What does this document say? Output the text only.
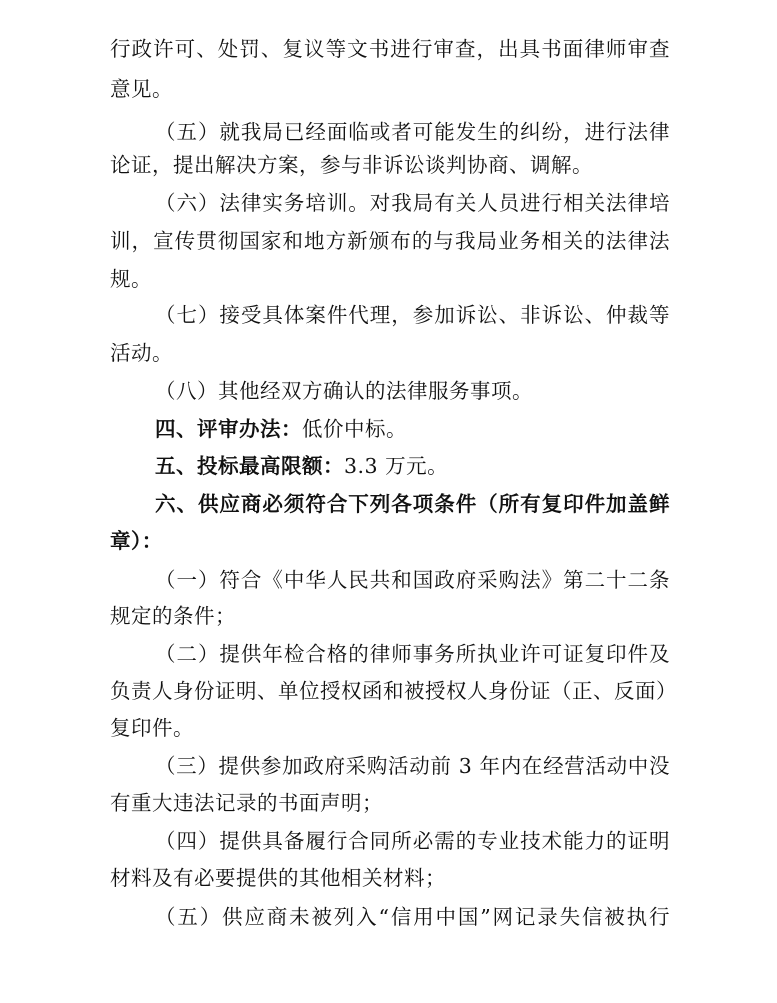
行政许可、处罚、复议等文书进行审查，出具书面律师审查
意见。
（五）就我局已经面临或者可能发生的纠纷，进行法律
论证，提出解决方案，参与非诉讼谈判协商、调解。
（六）法律实务培训。对我局有关人员进行相关法律培
训，宣传贯彻国家和地方新颁布的与我局业务相关的法律法
规。
（七）接受具体案件代理，参加诉讼、非诉讼、仲裁等
活动。
（八）其他经双方确认的法律服务事项。
四、评审办法：低价中标。
五、投标最高限额：3.3 万元。
六、供应商必须符合下列各项条件（所有复印件加盖鲜
章）：
（一）符合《中华人民共和国政府采购法》第二十二条
规定的条件；
（二）提供年检合格的律师事务所执业许可证复印件及
负责人身份证明、单位授权函和被授权人身份证（正、反面）
复印件。
（三）提供参加政府采购活动前 3 年内在经营活动中没
有重大违法记录的书面声明；
（四）提供具备履行合同所必需的专业技术能力的证明
材料及有必要提供的其他相关材料；
（五）供应商未被列入“信用中国”网记录失信被执行
